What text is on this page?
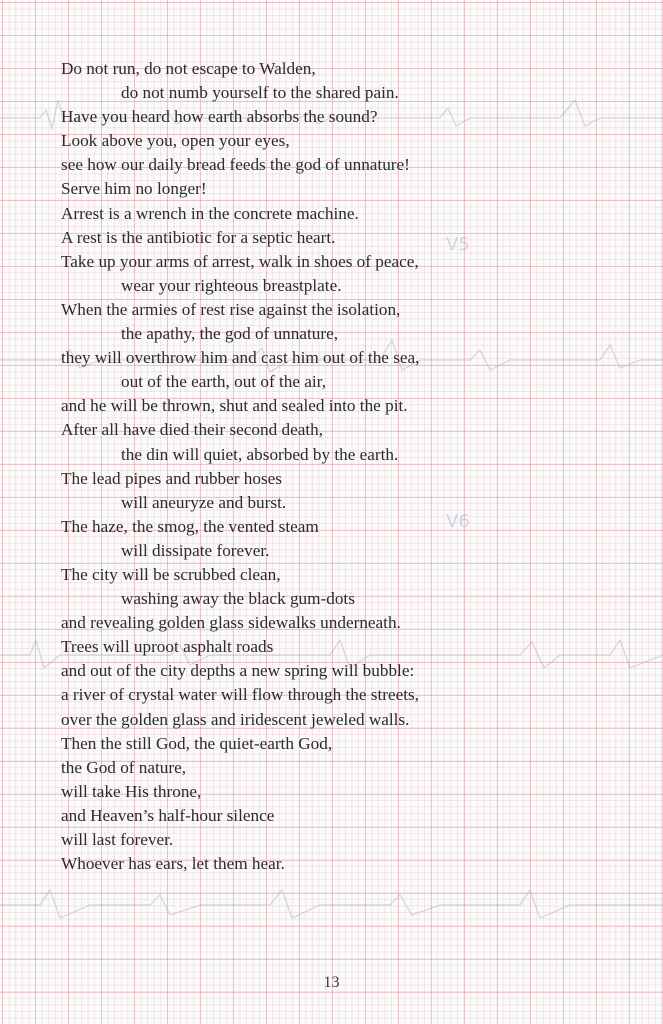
V5
V6
Do not run, do not escape to Walden,
do not numb yourself to the shared pain.
Have you heard how earth absorbs the sound?
Look above you, open your eyes,
see how our daily bread feeds the god of unnature!
Serve him no longer!
Arrest is a wrench in the concrete machine.
A rest is the antibiotic for a septic heart.
Take up your arms of arrest, walk in shoes of peace,
wear your righteous breastplate.
When the armies of rest rise against the isolation,
the apathy, the god of unnature,
they will overthrow him and cast him out of the sea,
out of the earth, out of the air,
and he will be thrown, shut and sealed into the pit.
After all have died their second death,
the din will quiet, absorbed by the earth.
The lead pipes and rubber hoses
will aneuryze and burst.
The haze, the smog, the vented steam
will dissipate forever.
The city will be scrubbed clean,
washing away the black gum-dots
and revealing golden glass sidewalks underneath.
Trees will uproot asphalt roads
and out of the city depths a new spring will bubble:
a river of crystal water will flow through the streets,
over the golden glass and iridescent jeweled walls.
Then the still God, the quiet-earth God,
the God of nature,
will take His throne,
and Heaven’s half-hour silence
will last forever.
Whoever has ears, let them hear.
13
